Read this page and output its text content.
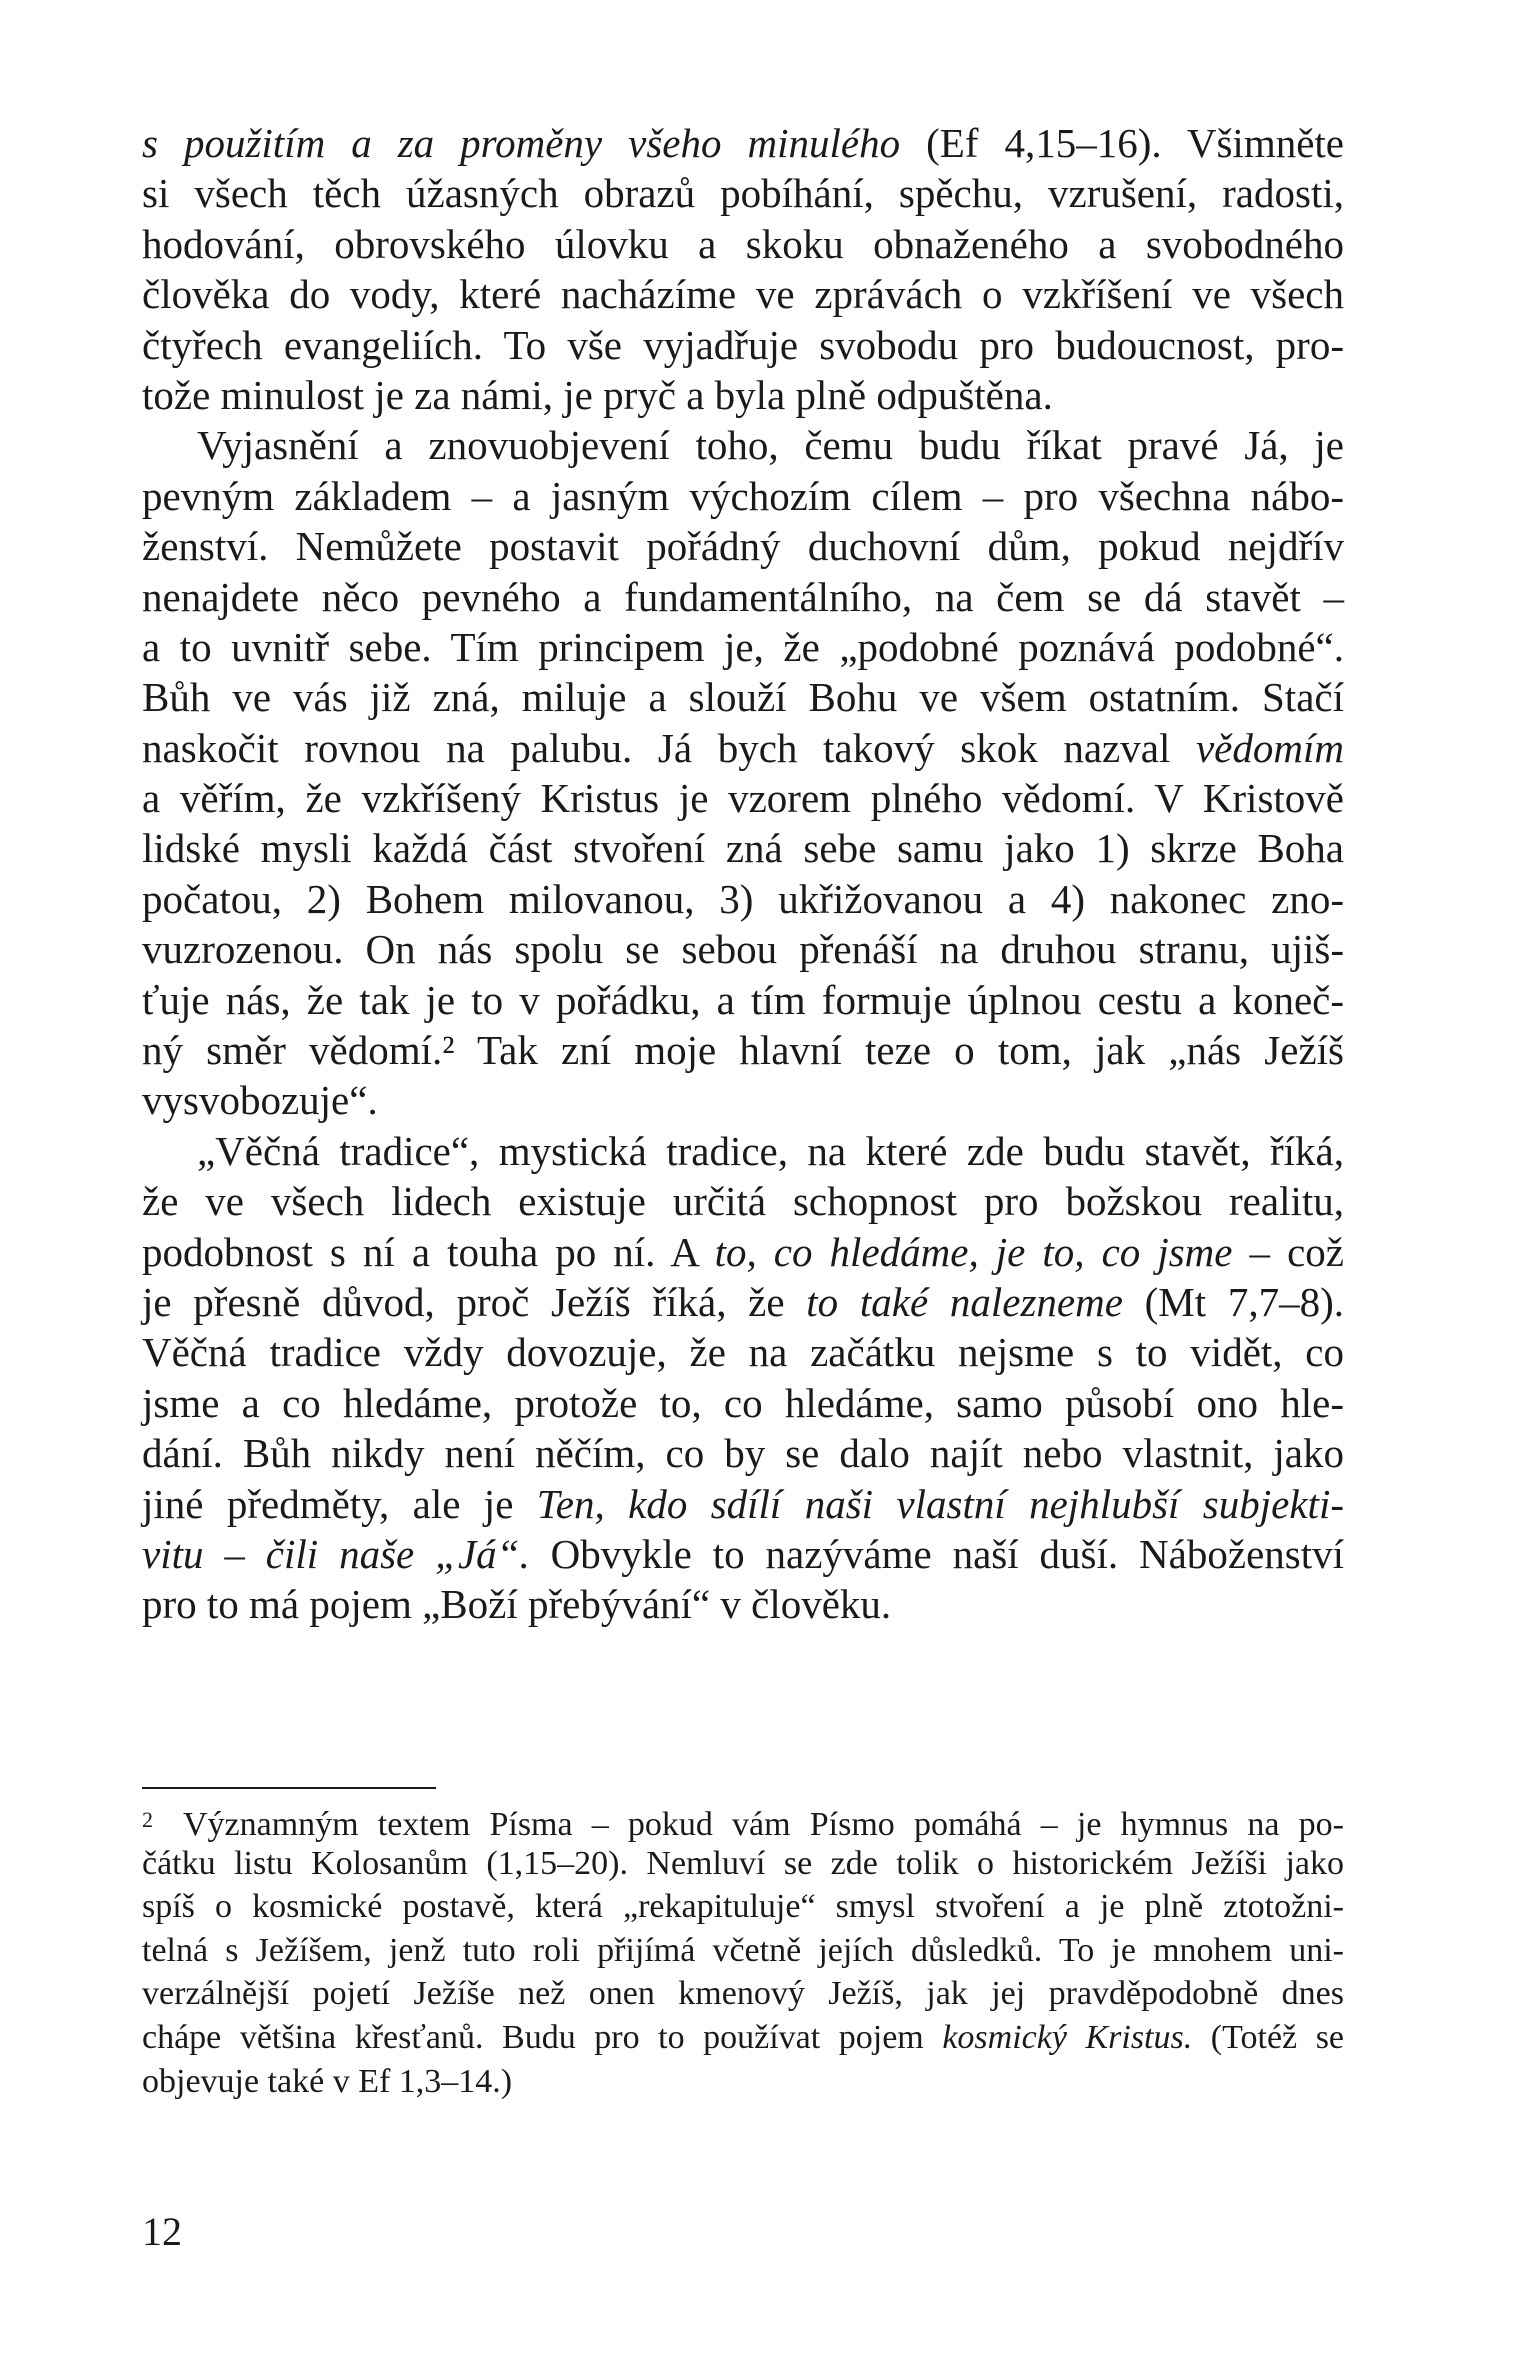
s použitím a za proměny všeho minulého (Ef 4,15–16). Všimněte
si všech těch úžasných obrazů pobíhání, spěchu, vzrušení, radosti,
hodování, obrovského úlovku a skoku obnaženého a svobodného
člověka do vody, které nacházíme ve zprávách o vzkříšení ve všech
čtyřech evangeliích. To vše vyjadřuje svobodu pro budoucnost, pro-
tože minulost je za námi, je pryč a byla plně odpuštěna.
Vyjasnění a znovuobjevení toho, čemu budu říkat pravé Já, je
pevným základem – a jasným výchozím cílem – pro všechna nábo-
ženství. Nemůžete postavit pořádný duchovní dům, pokud nejdřív
nenajdete něco pevného a fundamentálního, na čem se dá stavět –
a to uvnitř sebe. Tím principem je, že „podobné poznává podobné“.
Bůh ve vás již zná, miluje a slouží Bohu ve všem ostatním. Stačí
naskočit rovnou na palubu. Já bych takový skok nazval vědomím
a věřím, že vzkříšený Kristus je vzorem plného vědomí. V Kristově
lidské mysli každá část stvoření zná sebe samu jako 1) skrze Boha
počatou, 2) Bohem milovanou, 3) ukřižovanou a 4) nakonec zno-
vuzrozenou. On nás spolu se sebou přenáší na druhou stranu, ujiš-
ťuje nás, že tak je to v pořádku, a tím formuje úplnou cestu a koneč-
ný směr vědomí.² Tak zní moje hlavní teze o tom, jak „nás Ježíš
vysvobozuje“.
„Věčná tradice“, mystická tradice, na které zde budu stavět, říká,
že ve všech lidech existuje určitá schopnost pro božskou realitu,
podobnost s ní a touha po ní. A to, co hledáme, je to, co jsme – což
je přesně důvod, proč Ježíš říká, že to také nalezneme (Mt 7,7–8).
Věčná tradice vždy dovozuje, že na začátku nejsme s to vidět, co
jsme a co hledáme, protože to, co hledáme, samo působí ono hle-
dání. Bůh nikdy není něčím, co by se dalo najít nebo vlastnit, jako
jiné předměty, ale je Ten, kdo sdílí naši vlastní nejhlubší subjekti-
vitu – čili naše „Já“. Obvykle to nazýváme naší duší. Náboženství
pro to má pojem „Boží přebývání“ v člověku.
$^2$ Významným textem Písma – pokud vám Písmo pomáhá – je hymnus na po-
čátku listu Kolosanům (1,15–20). Nemluví se zde tolik o historickém Ježíši jako
spíš o kosmické postavě, která „rekapituluje“ smysl stvoření a je plně ztotožni-
telná s Ježíšem, jenž tuto roli přijímá včetně jejích důsledků. To je mnohem uni-
verzálnější pojetí Ježíše než onen kmenový Ježíš, jak jej pravděpodobně dnes
chápe většina křesťanů. Budu pro to používat pojem kosmický Kristus. (Totéž se
objevuje také v Ef 1,3–14.)
12
